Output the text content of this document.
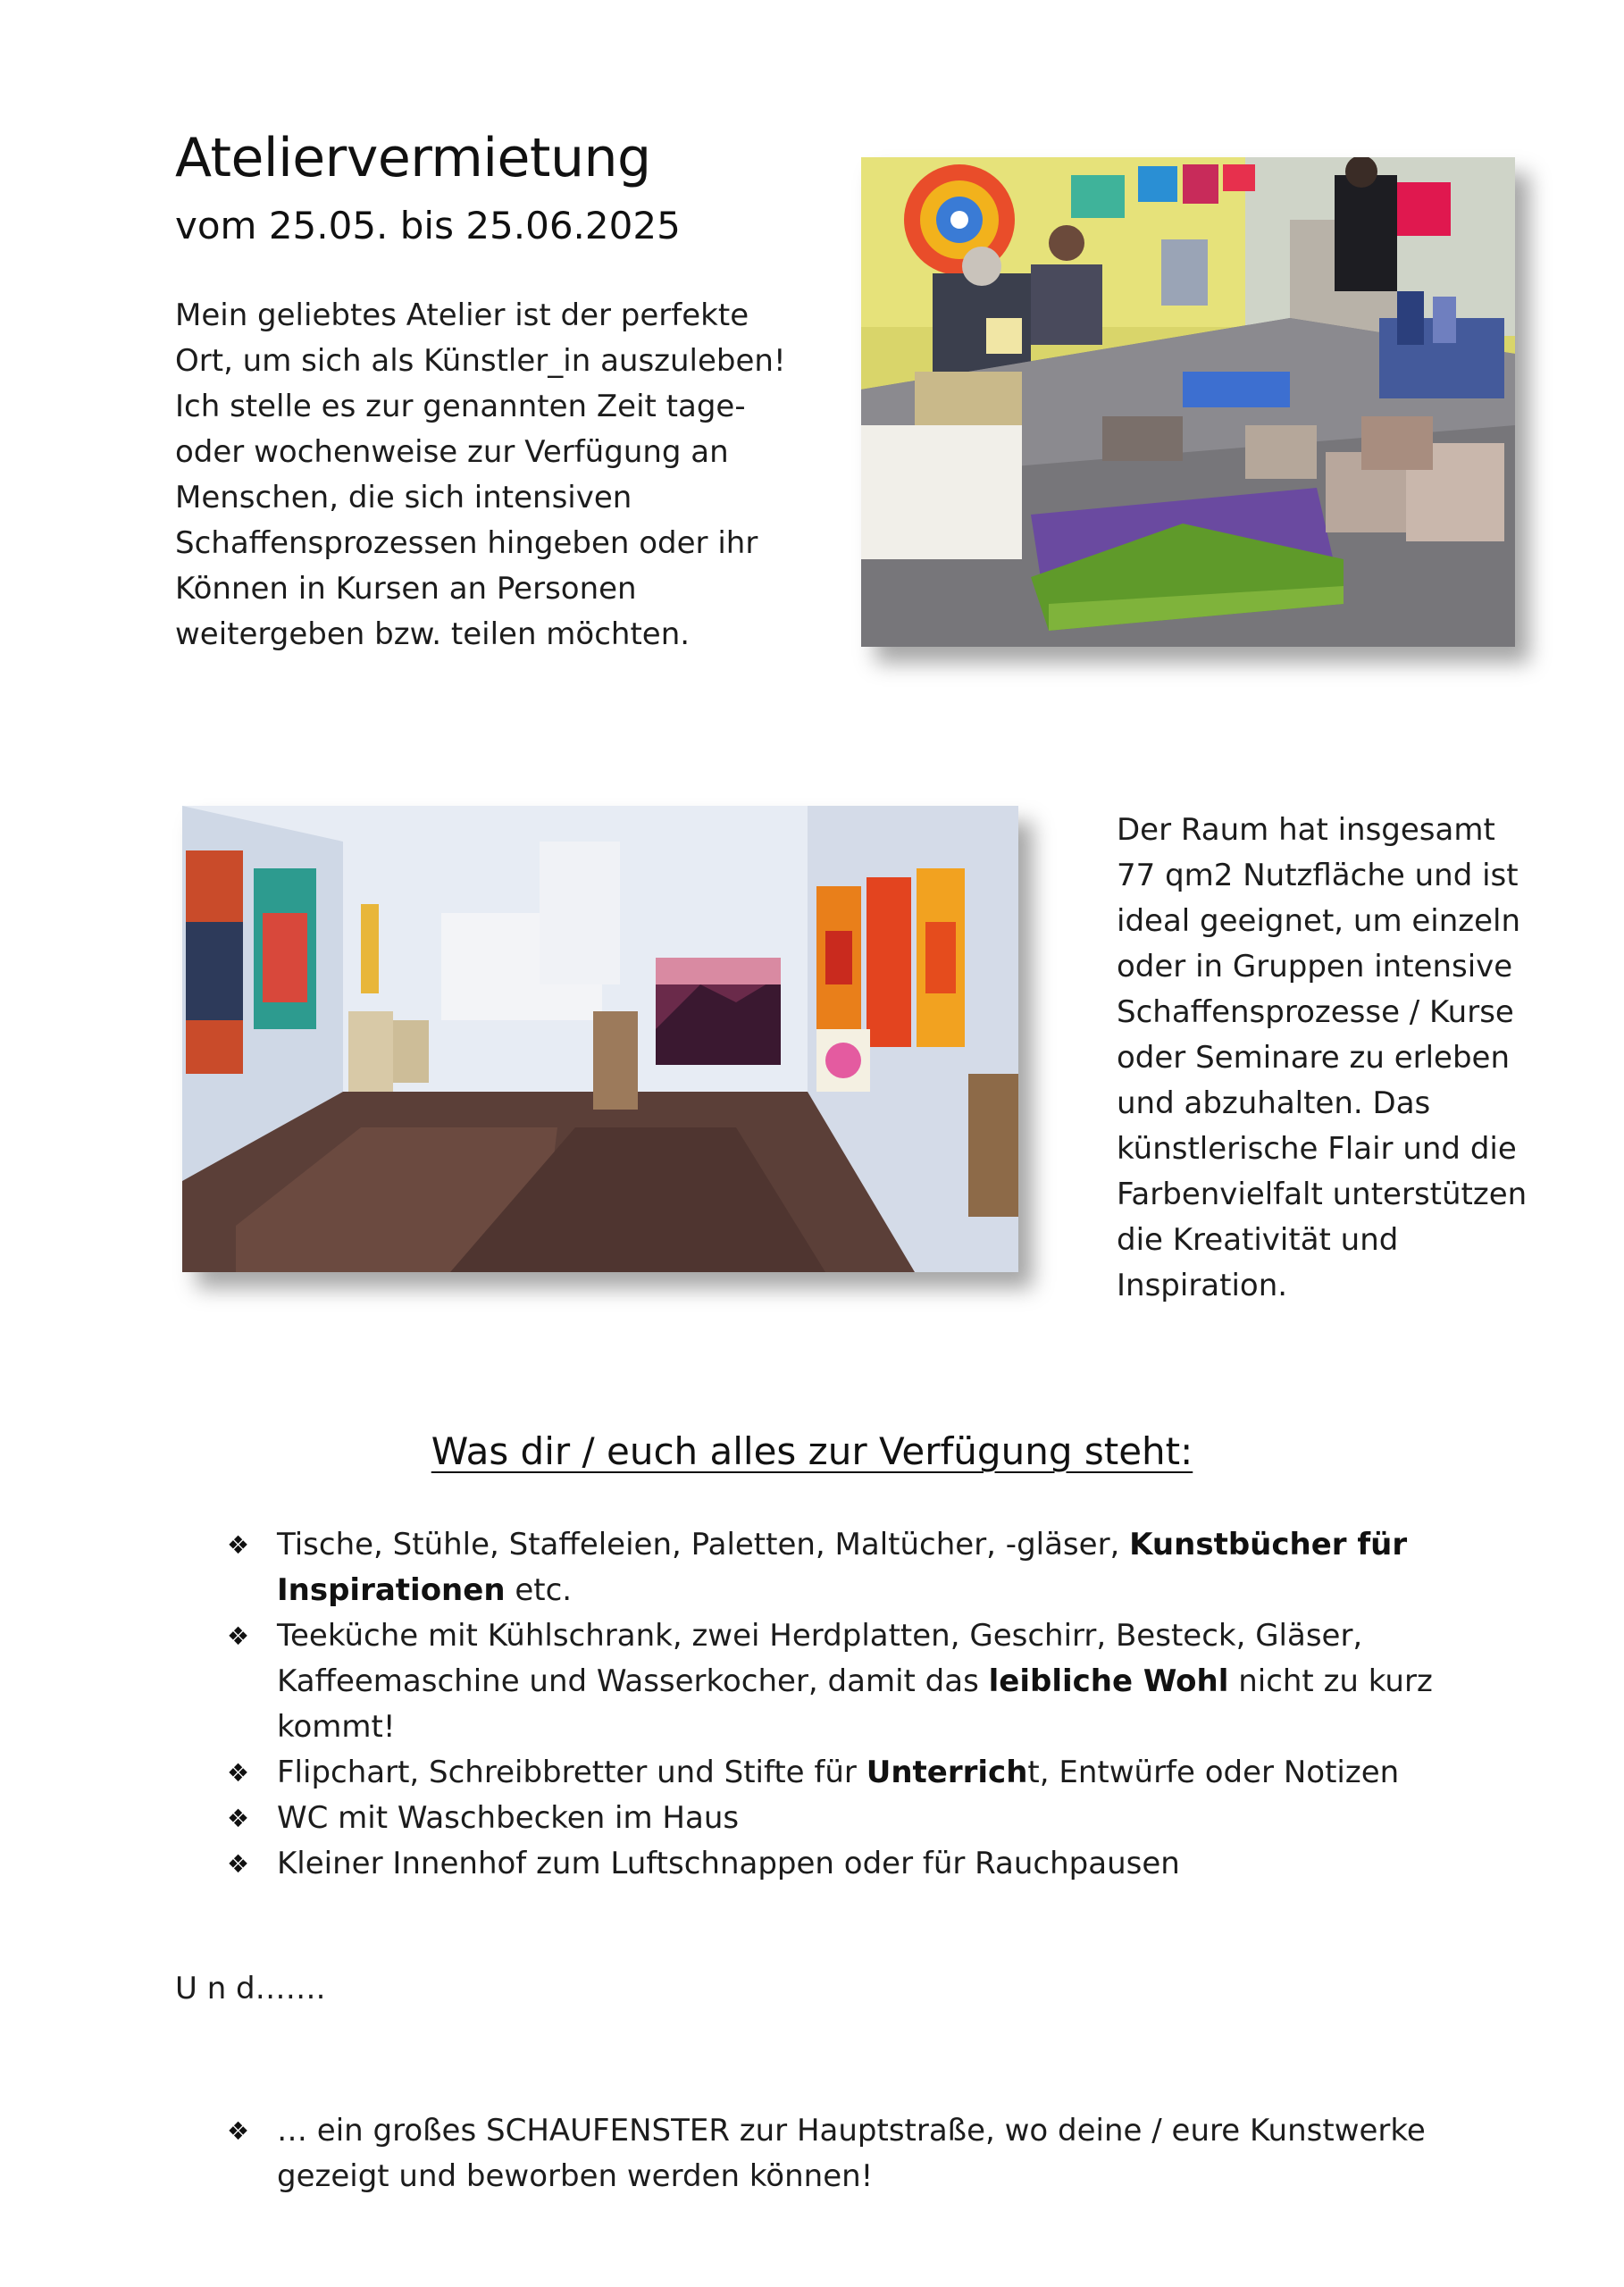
Ateliervermietung
vom 25.05. bis 25.06.2025

Mein geliebtes Atelier ist der perfekte Ort, um sich als Künstler_in auszuleben! Ich stelle es zur genannten Zeit tage- oder wochenweise zur Verfügung an Menschen, die sich intensiven Schaffensprozessen hingeben oder ihr Können in Kursen an Personen weitergeben bzw. teilen möchten.

Der Raum hat insgesamt 77 qm2 Nutzfläche und ist ideal geeignet, um einzeln oder in Gruppen intensive Schaffensprozesse / Kurse oder Seminare zu erleben und abzuhalten. Das künstlerische Flair und die Farbenvielfalt unterstützen die Kreativität und Inspiration.

Was dir / euch alles zur Verfügung steht:
❖ Tische, Stühle, Staffeleien, Paletten, Maltücher, -gläser, Kunstbücher für Inspirationen etc.
❖ Teeküche mit Kühlschrank, zwei Herdplatten, Geschirr, Besteck, Gläser, Kaffeemaschine und Wasserkocher, damit das leibliche Wohl nicht zu kurz kommt!
❖ Flipchart, Schreibbretter und Stifte für Unterricht, Entwürfe oder Notizen
❖ WC mit Waschbecken im Haus
❖ Kleiner Innenhof zum Luftschnappen oder für Rauchpausen
U n d…….
❖ … ein großes SCHAUFENSTER zur Hauptstraße, wo deine / eure Kunstwerke gezeigt und beworben werden können!
